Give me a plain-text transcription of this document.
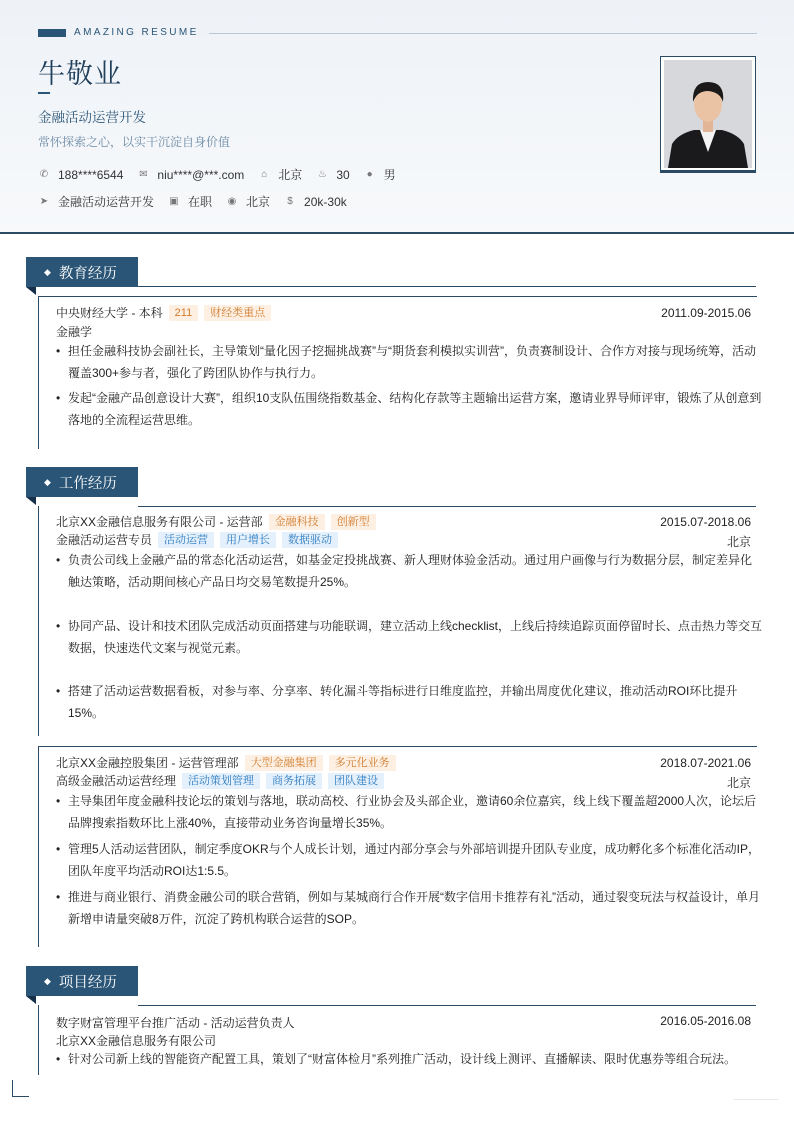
AMAZING RESUME
牛敬业
金融活动运营开发
常怀探索之心，以实干沉淀自身价值
✆ 188****6544 ✉ niu****@***.com ⌂ 北京 ♨ 30 ● 男
➤ 金融活动运营开发 ▣ 在职 ◉ 北京	$ 20k-30k
◆ 教育经历
中央财经大学 - 本科	211	财经类重点	2011.09-2015.06
金融学
• 担任金融科技协会副社长，主导策划“量化因子挖掘挑战赛”与“期货套利模拟实训营”，负责赛制设计、合作方对接与现场统筹，活动覆盖300+参与者，强化了跨团队协作与执行力。
• 发起“金融产品创意设计大赛”，组织10支队伍围绕指数基金、结构化存款等主题输出运营方案，邀请业界导师评审，锻炼了从创意到落地的全流程运营思维。
◆ 工作经历
北京XX金融信息服务有限公司 - 运营部	金融科技	创新型	2015.07-2018.06
金融活动运营专员	活动运营	用户增长	数据驱动	北京
• 负责公司线上金融产品的常态化活动运营，如基金定投挑战赛、新人理财体验金活动。通过用户画像与行为数据分层，制定差异化触达策略，活动期间核心产品日均交易笔数提升25%。
• 协同产品、设计和技术团队完成活动页面搭建与功能联调，建立活动上线checklist，上线后持续追踪页面停留时长、点击热力等交互数据，快速迭代文案与视觉元素。
• 搭建了活动运营数据看板，对参与率、分享率、转化漏斗等指标进行日维度监控，并输出周度优化建议，推动活动ROI环比提升15%。
北京XX金融控股集团 - 运营管理部	大型金融集团	多元化业务	2018.07-2021.06
高级金融活动运营经理	活动策划管理	商务拓展	团队建设	北京
• 主导集团年度金融科技论坛的策划与落地，联动高校、行业协会及头部企业，邀请60余位嘉宾，线上线下覆盖超2000人次，论坛后品牌搜索指数环比上涨40%，直接带动业务咨询量增长35%。
• 管理5人活动运营团队，制定季度OKR与个人成长计划，通过内部分享会与外部培训提升团队专业度，成功孵化多个标准化活动IP，团队年度平均活动ROI达1:5.5。
• 推进与商业银行、消费金融公司的联合营销，例如与某城商行合作开展“数字信用卡推荐有礼”活动，通过裂变玩法与权益设计，单月新增申请量突破8万件，沉淀了跨机构联合运营的SOP。
◆ 项目经历
数字财富管理平台推广活动 - 活动运营负责人	2016.05-2016.08
北京XX金融信息服务有限公司
• 针对公司新上线的智能资产配置工具，策划了“财富体检月”系列推广活动，设计线上测评、直播解读、限时优惠券等组合玩法。
